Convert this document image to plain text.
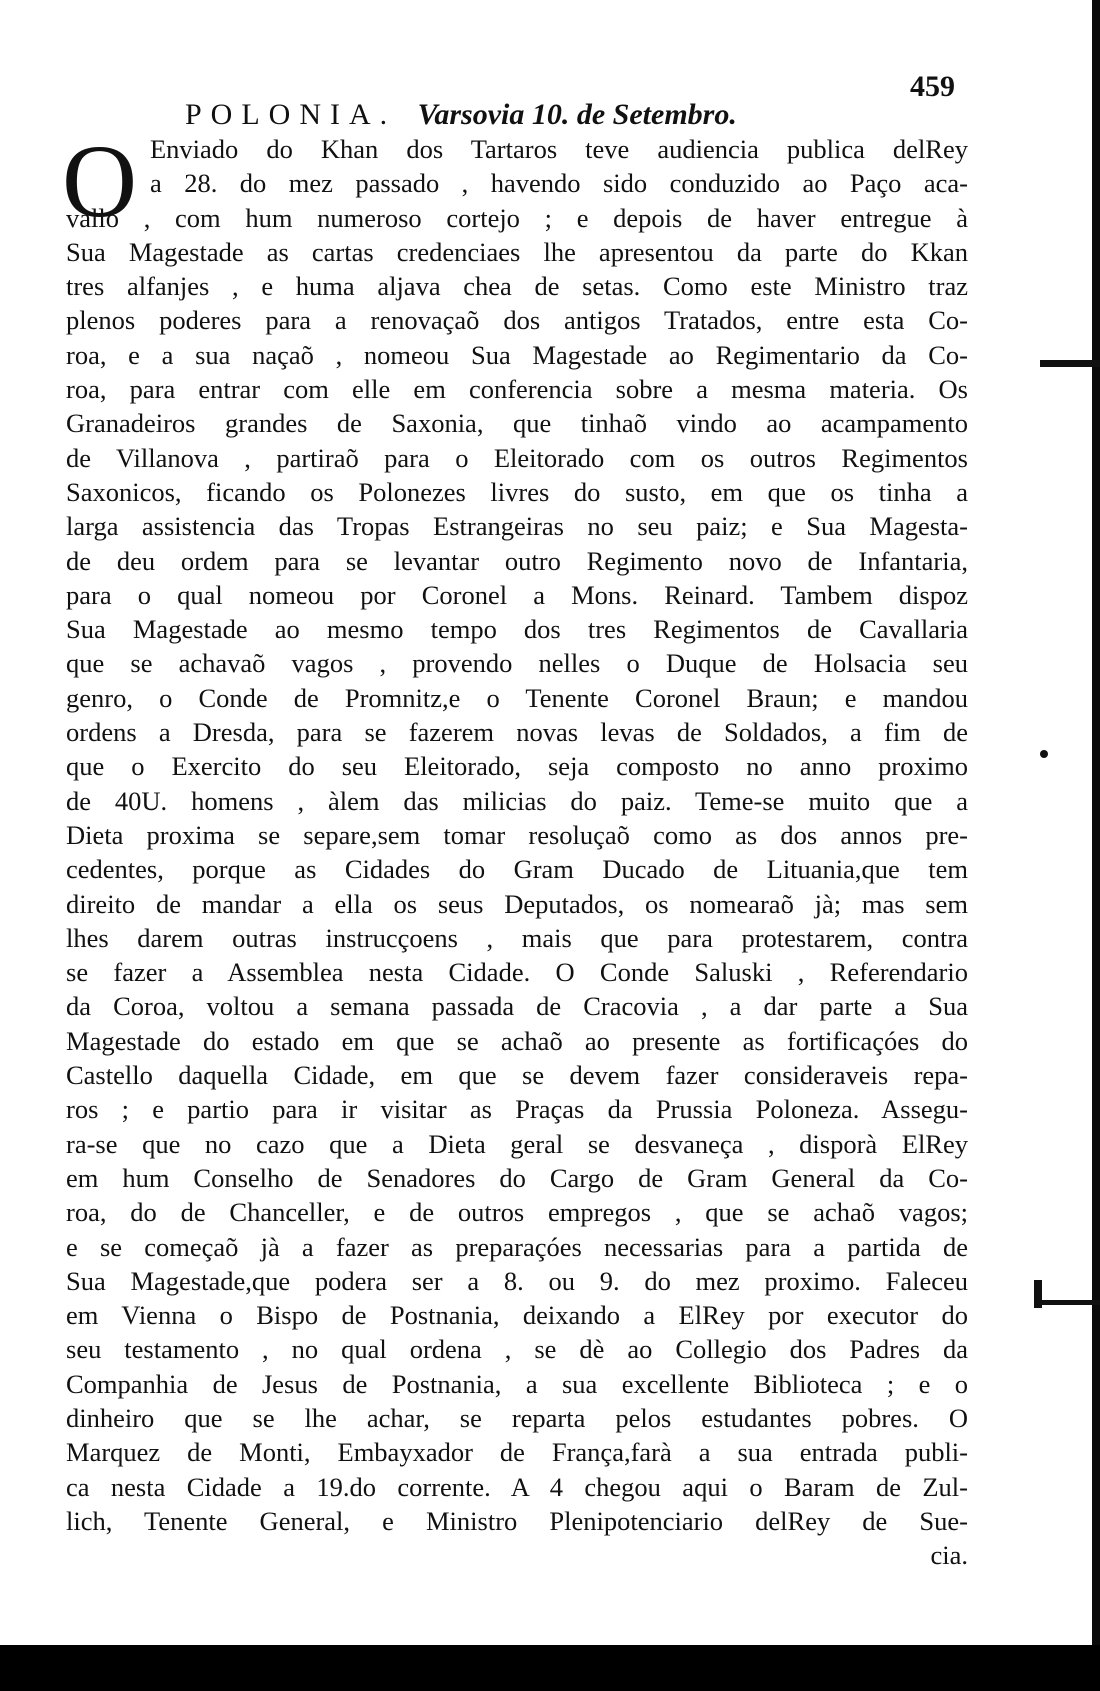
459
POLONIA. Varsovia 10. de Setembro.
O Enviado do Khan dos Tartaros teve audiencia publica delRey
a 28. do mez passado , havendo sido conduzido ao Paço aca-
vallo , com hum numeroso cortejo ; e depois de haver entregue à
Sua Magestade as cartas credenciaes lhe apresentou da parte do Kkan
tres alfanjes , e huma aljava chea de setas. Como este Ministro traz
plenos poderes para a renovaçaõ dos antigos Tratados, entre esta Co-
roa, e a sua naçaõ , nomeou Sua Magestade ao Regimentario da Co-
roa, para entrar com elle em conferencia sobre a mesma materia. Os
Granadeiros grandes de Saxonia, que tinhaõ vindo ao acampamento
de Villanova , partiraõ para o Eleitorado com os outros Regimentos
Saxonicos, ficando os Polonezes livres do susto, em que os tinha a
larga assistencia das Tropas Estrangeiras no seu paiz; e Sua Magesta-
de deu ordem para se levantar outro Regimento novo de Infantaria,
para o qual nomeou por Coronel a Mons. Reinard. Tambem dispoz
Sua Magestade ao mesmo tempo dos tres Regimentos de Cavallaria
que se achavaõ vagos , provendo nelles o Duque de Holsacia seu
genro, o Conde de Promnitz,e o Tenente Coronel Braun; e mandou
ordens a Dresda, para se fazerem novas levas de Soldados, a fim de
que o Exercito do seu Eleitorado, seja composto no anno proximo
de 40U. homens , àlem das milicias do paiz. Teme-se muito que a
Dieta proxima se separe,sem tomar resoluçaõ como as dos annos pre-
cedentes, porque as Cidades do Gram Ducado de Lituania,que tem
direito de mandar a ella os seus Deputados, os nomearaõ jà; mas sem
lhes darem outras instrucçoens , mais que para protestarem, contra
se fazer a Assemblea nesta Cidade. O Conde Saluski , Referendario
da Coroa, voltou a semana passada de Cracovia , a dar parte a Sua
Magestade do estado em que se achaõ ao presente as fortificaçóes do
Castello daquella Cidade, em que se devem fazer consideraveis repa-
ros ; e partio para ir visitar as Praças da Prussia Poloneza. Assegu-
ra-se que no cazo que a Dieta geral se desvaneça , disporà ElRey
em hum Conselho de Senadores do Cargo de Gram General da Co-
roa, do de Chanceller, e de outros empregos , que se achaõ vagos;
e se começaõ jà a fazer as preparaçóes necessarias para a partida de
Sua Magestade,que podera ser a 8. ou 9. do mez proximo. Faleceu
em Vienna o Bispo de Postnania, deixando a ElRey por executor do
seu testamento , no qual ordena , se dè ao Collegio dos Padres da
Companhia de Jesus de Postnania, a sua excellente Biblioteca ; e o
dinheiro que se lhe achar, se reparta pelos estudantes pobres. O
Marquez de Monti, Embayxador de França,farà a sua entrada publi-
ca nesta Cidade a 19.do corrente. A 4 chegou aqui o Baram de Zul-
lich, Tenente General, e Ministro Plenipotenciario delRey de Sue-
cia.
